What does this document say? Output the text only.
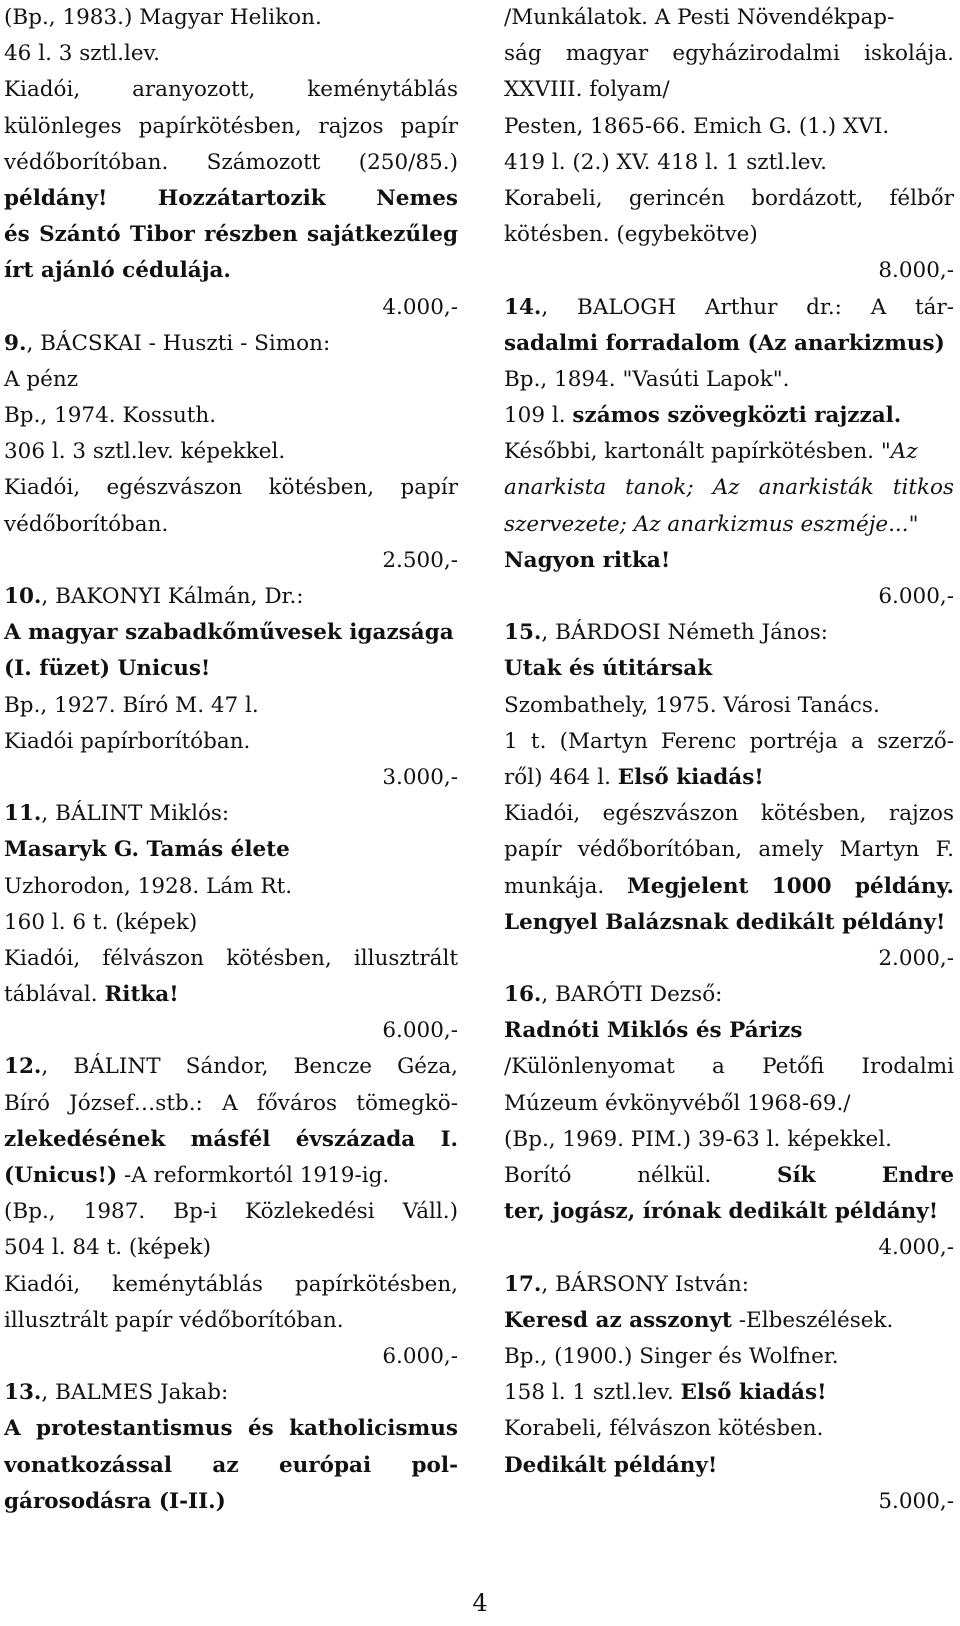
(Bp., 1983.) Magyar Helikon.
46 l. 3 sztl.lev.
Kiadói, aranyozott, keménytáblás
különleges papírkötésben, rajzos papír
védőborítóban. Számozott (250/85.)
példány! Hozzátartozik Nemes
és Szántó Tibor részben sajátkezűleg
írt ajánló cédulája.
4.000,-
9., BÁCSKAI - Huszti - Simon:
A pénz
Bp., 1974. Kossuth.
306 l. 3 sztl.lev. képekkel.
Kiadói, egészvászon kötésben, papír
védőborítóban.
2.500,-
10., BAKONYI Kálmán, Dr.:
A magyar szabadkőművesek igazsága
(I. füzet) Unicus!
Bp., 1927. Bíró M. 47 l.
Kiadói papírborítóban.
3.000,-
11., BÁLINT Miklós:
Masaryk G. Tamás élete
Uzhorodon, 1928. Lám Rt.
160 l. 6 t. (képek)
Kiadói, félvászon kötésben, illusztrált
táblával. Ritka!
6.000,-
12., BÁLINT Sándor, Bencze Géza,
Bíró József…stb.: A főváros tömegkö-
zlekedésének másfél évszázada I.
(Unicus!) -A reformkortól 1919-ig.
(Bp., 1987. Bp-i Közlekedési Váll.)
504 l. 84 t. (képek)
Kiadói, keménytáblás papírkötésben,
illusztrált papír védőborítóban.
6.000,-
13., BALMES Jakab:
A protestantismus és katholicismus
vonatkozással az európai pol-
gárosodásra (I-II.)
/Munkálatok. A Pesti Növendékpap-
ság magyar egyházirodalmi iskolája.
XXVIII. folyam/
Pesten, 1865-66. Emich G. (1.) XVI.
419 l. (2.) XV. 418 l. 1 sztl.lev.
Korabeli, gerincén bordázott, félbőr
kötésben. (egybekötve)
8.000,-
14., BALOGH Arthur dr.: A tár-
sadalmi forradalom (Az anarkizmus)
Bp., 1894. "Vasúti Lapok".
109 l. számos szövegközti rajzzal.
Későbbi, kartonált papírkötésben. "Az
anarkista tanok; Az anarkisták titkos
szervezete; Az anarkizmus eszméje..."
Nagyon ritka!
6.000,-
15., BÁRDOSI Németh János:
Utak és útitársak
Szombathely, 1975. Városi Tanács.
1 t. (Martyn Ferenc portréja a szerző-
ről) 464 l. Első kiadás!
Kiadói, egészvászon kötésben, rajzos
papír védőborítóban, amely Martyn F.
munkája. Megjelent 1000 példány.
Lengyel Balázsnak dedikált példány!
2.000,-
16., BARÓTI Dezső:
Radnóti Miklós és Párizs
/Különlenyomat a Petőfi Irodalmi
Múzeum évkönyvéből 1968-69./
(Bp., 1969. PIM.) 39-63 l. képekkel.
Borító nélkül. Sík Endre
ter, jogász, írónak dedikált példány!
4.000,-
17., BÁRSONY István:
Keresd az asszonyt -Elbeszélések.
Bp., (1900.) Singer és Wolfner.
158 l. 1 sztl.lev. Első kiadás!
Korabeli, félvászon kötésben.
Dedikált példány!
5.000,-
4
